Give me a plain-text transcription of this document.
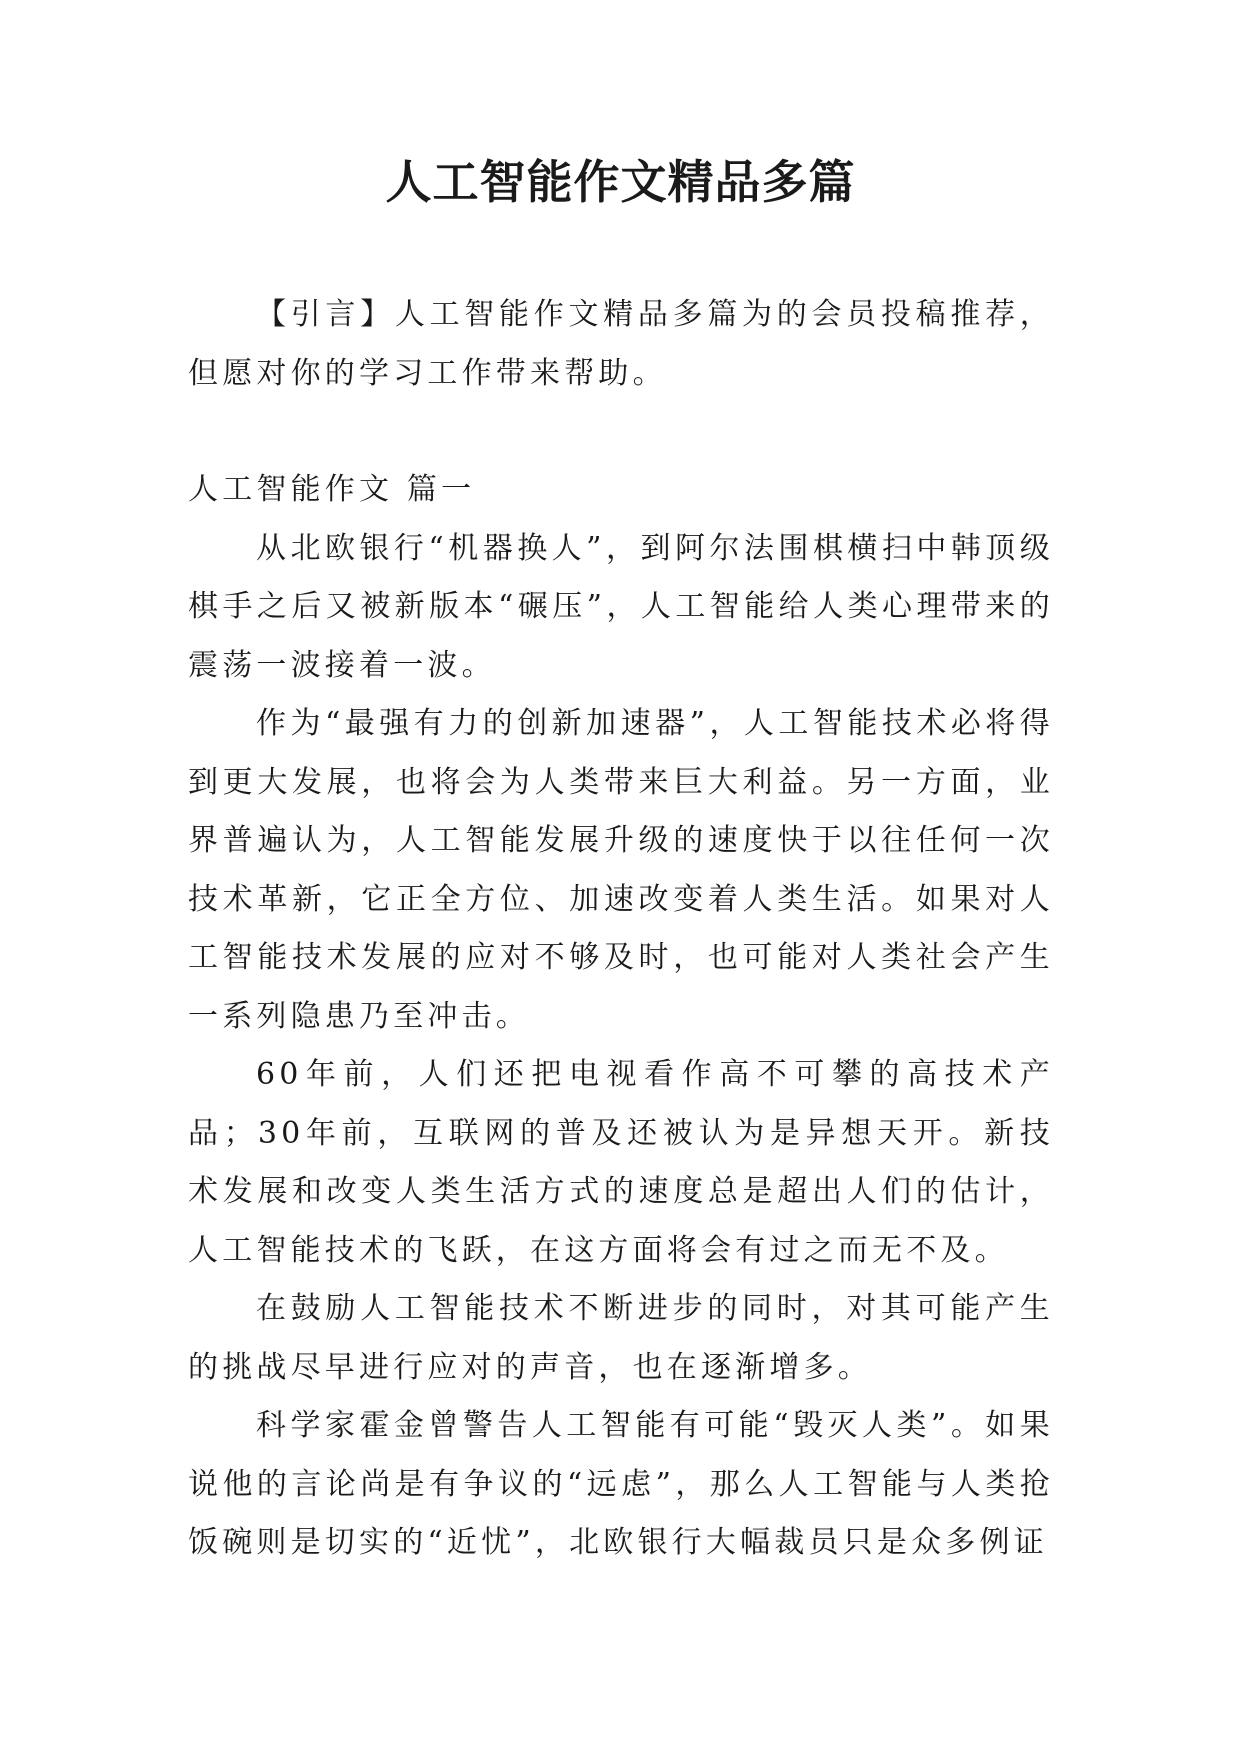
人工智能作文精品多篇

【引言】人工智能作文精品多篇为的会员投稿推荐，但愿对你的学习工作带来帮助。

人工智能作文 篇一

从北欧银行“机器换人”，到阿尔法围棋横扫中韩顶级棋手之后又被新版本“碾压”，人工智能给人类心理带来的震荡一波接着一波。

作为“最强有力的创新加速器”，人工智能技术必将得到更大发展，也将会为人类带来巨大利益。另一方面，业界普遍认为，人工智能发展升级的速度快于以往任何一次技术革新，它正全方位、加速改变着人类生活。如果对人工智能技术发展的应对不够及时，也可能对人类社会产生一系列隐患乃至冲击。

60年前，人们还把电视看作高不可攀的高技术产品；30年前，互联网的普及还被认为是异想天开。新技术发展和改变人类生活方式的速度总是超出人们的估计，人工智能技术的飞跃，在这方面将会有过之而无不及。

在鼓励人工智能技术不断进步的同时，对其可能产生的挑战尽早进行应对的声音，也在逐渐增多。

科学家霍金曾警告人工智能有可能“毁灭人类”。如果说他的言论尚是有争议的“远虑”，那么人工智能与人类抢饭碗则是切实的“近忧”，北欧银行大幅裁员只是众多例证
